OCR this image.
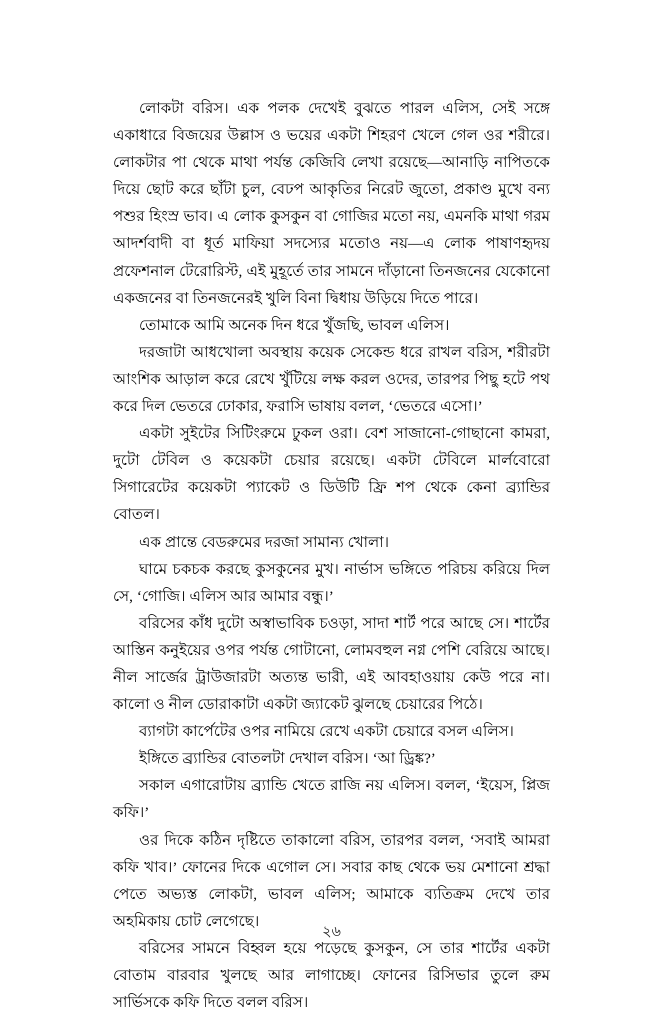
লোকটা বরিস। এক পলক দেখেই বুঝতে পারল এলিস, সেই সঙ্গে একাধারে বিজয়ের উল্লাস ও ভয়ের একটা শিহরণ খেলে গেল ওর শরীরে। লোকটার পা থেকে মাথা পর্যন্ত কেজিবি লেখা রয়েছে—আনাড়ি নাপিতকে দিয়ে ছোট করে ছাঁটা চুল, বেঢপ আকৃতির নিরেট জুতো, প্রকাণ্ড মুখে বন্য পশুর হিংস্র ভাব। এ লোক কুসকুন বা গোজির মতো নয়, এমনকি মাথা গরম আদর্শবাদী বা ধূর্ত মাফিয়া সদস্যের মতোও নয়—এ লোক পাষাণহৃদয় প্রফেশনাল টেরোরিস্ট, এই মুহূর্তে তার সামনে দাঁড়ানো তিনজনের যেকোনো একজনের বা তিনজনেরই খুলি বিনা দ্বিধায় উড়িয়ে দিতে পারে।

তোমাকে আমি অনেক দিন ধরে খুঁজছি, ভাবল এলিস।

দরজাটা আধখোলা অবস্থায় কয়েক সেকেন্ড ধরে রাখল বরিস, শরীরটা আংশিক আড়াল করে রেখে খুঁটিয়ে লক্ষ করল ওদের, তারপর পিছু হটে পথ করে দিল ভেতরে ঢোকার, ফরাসি ভাষায় বলল, ‘ভেতরে এসো।’

একটা সুইটের সিটিংরুমে ঢুকল ওরা। বেশ সাজানো-গোছানো কামরা, দুটো টেবিল ও কয়েকটা চেয়ার রয়েছে। একটা টেবিলে মার্লবোরো সিগারেটের কয়েকটা প্যাকেট ও ডিউটি ফ্রি শপ থেকে কেনা ব্র্যান্ডির বোতল।

এক প্রান্তে বেডরুমের দরজা সামান্য খোলা।

ঘামে চকচক করছে কুসকুনের মুখ। নার্ভাস ভঙ্গিতে পরিচয় করিয়ে দিল সে, ‘গোজি। এলিস আর আমার বন্ধু।’

বরিসের কাঁধ দুটো অস্বাভাবিক চওড়া, সাদা শার্ট পরে আছে সে। শার্টের আস্তিন কনুইয়ের ওপর পর্যন্ত গোটানো, লোমবহুল নগ্ন পেশি বেরিয়ে আছে। নীল সার্জের ট্রাউজারটা অত্যন্ত ভারী, এই আবহাওয়ায় কেউ পরে না। কালো ও নীল ডোরাকাটা একটা জ্যাকেট ঝুলছে চেয়ারের পিঠে।

ব্যাগটা কার্পেটের ওপর নামিয়ে রেখে একটা চেয়ারে বসল এলিস।

ইঙ্গিতে ব্র্যান্ডির বোতলটা দেখাল বরিস। ‘আ ড্রিঙ্ক?’

সকাল এগারোটায় ব্র্যান্ডি খেতে রাজি নয় এলিস। বলল, ‘ইয়েস, প্লিজ কফি।’

ওর দিকে কঠিন দৃষ্টিতে তাকালো বরিস, তারপর বলল, ‘সবাই আমরা কফি খাব।’ ফোনের দিকে এগোল সে। সবার কাছ থেকে ভয় মেশানো শ্রদ্ধা পেতে অভ্যস্ত লোকটা, ভাবল এলিস; আমাকে ব্যতিক্রম দেখে তার অহমিকায় চোট লেগেছে।

বরিসের সামনে বিহ্বল হয়ে পড়েছে কুসকুন, সে তার শার্টের একটা বোতাম বারবার খুলছে আর লাগাচ্ছে। ফোনের রিসিভার তুলে রুম সার্ভিসকে কফি দিতে বলল বরিস।

২৬
